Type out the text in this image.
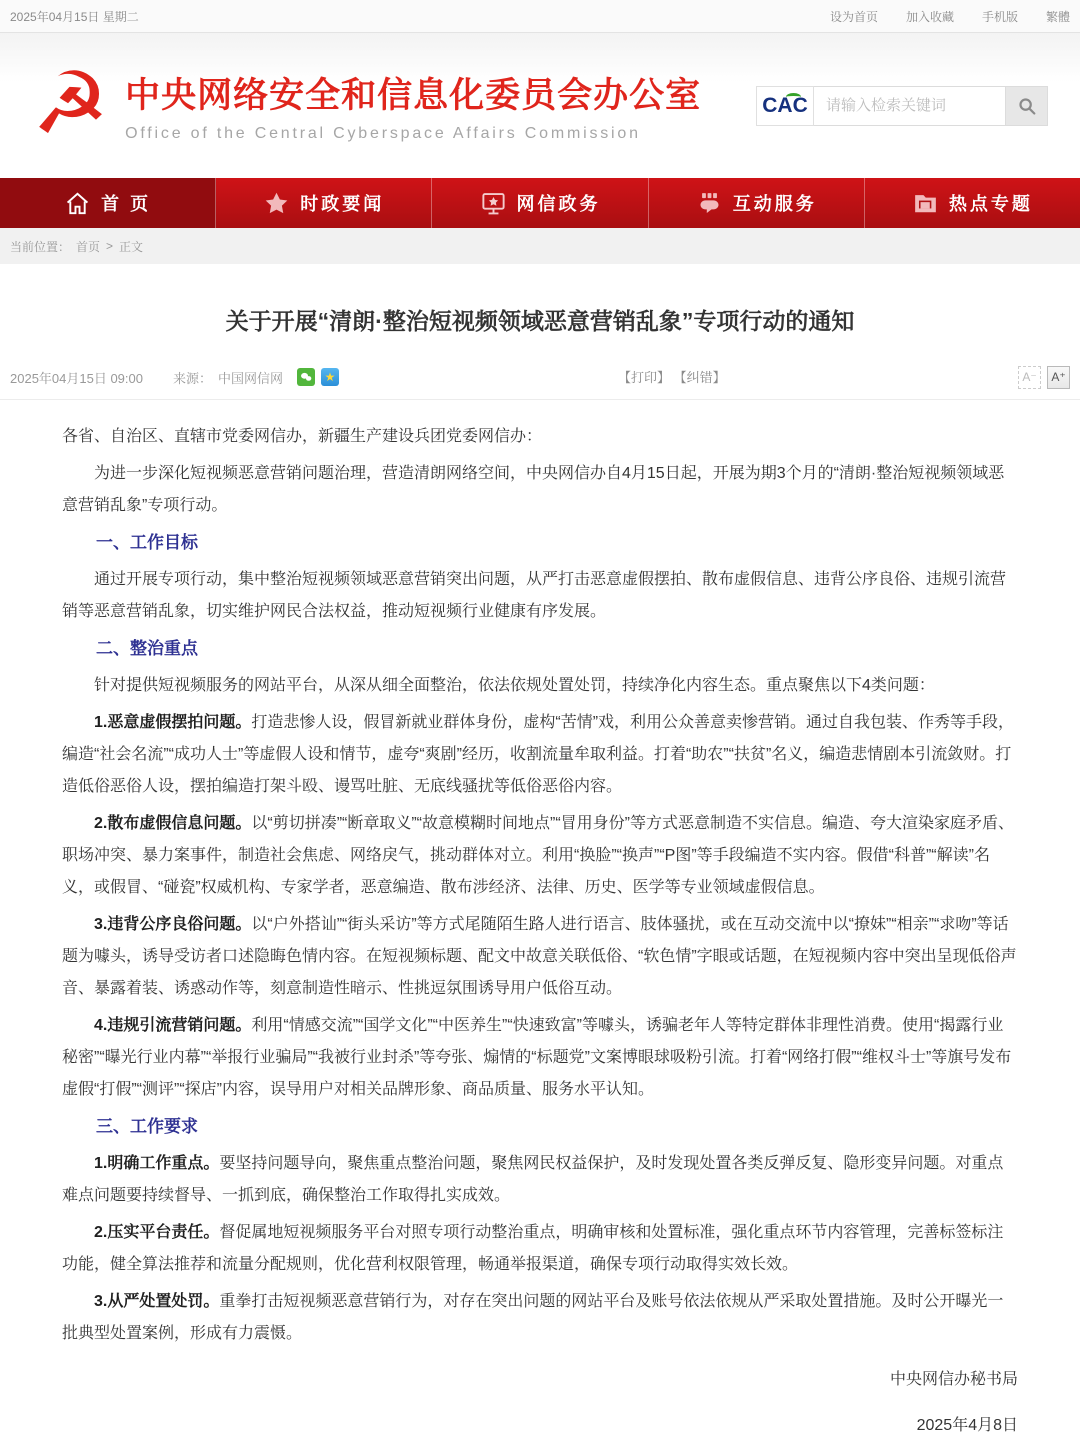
2025年04月15日 星期二	设为首页 加入收藏 手机版 繁體
☭ 中央网络安全和信息化委员会办公室
Office of the Central Cyberspace Affairs Commission
CAC
请输入检索关键词
首 页	时政要闻	网信政务	互动服务	热点专题
当前位置： 首页 > 正文
关于开展“清朗·整治短视频领域恶意营销乱象”专项行动的通知
2025年04月15日 09:00 来源： 中国网信网	★	【打印】 【纠错】	A⁻	A⁺

各省、自治区、直辖市党委网信办，新疆生产建设兵团党委网信办：

为进一步深化短视频恶意营销问题治理，营造清朗网络空间，中央网信办自4月15日起，开展为期3个月的“清朗·整治短视频领域恶意营销乱象”专项行动。

一、工作目标

通过开展专项行动，集中整治短视频领域恶意营销突出问题，从严打击恶意虚假摆拍、散布虚假信息、违背公序良俗、违规引流营销等恶意营销乱象，切实维护网民合法权益，推动短视频行业健康有序发展。

二、整治重点

针对提供短视频服务的网站平台，从深从细全面整治，依法依规处置处罚，持续净化内容生态。重点聚焦以下4类问题：

1.恶意虚假摆拍问题。打造悲惨人设，假冒新就业群体身份，虚构“苦情”戏，利用公众善意卖惨营销。通过自我包装、作秀等手段，编造“社会名流”“成功人士”等虚假人设和情节，虚夸“爽剧”经历，收割流量牟取利益。打着“助农”“扶贫”名义，编造悲情剧本引流敛财。打造低俗恶俗人设，摆拍编造打架斗殴、谩骂吐脏、无底线骚扰等低俗恶俗内容。

2.散布虚假信息问题。以“剪切拼凑”“断章取义”“故意模糊时间地点”“冒用身份”等方式恶意制造不实信息。编造、夸大渲染家庭矛盾、职场冲突、暴力案事件，制造社会焦虑、网络戾气，挑动群体对立。利用“换脸”“换声”“P图”等手段编造不实内容。假借“科普”“解读”名义，或假冒、“碰瓷”权威机构、专家学者，恶意编造、散布涉经济、法律、历史、医学等专业领域虚假信息。

3.违背公序良俗问题。以“户外搭讪”“街头采访”等方式尾随陌生路人进行语言、肢体骚扰，或在互动交流中以“撩妹”“相亲”“求吻”等话题为噱头，诱导受访者口述隐晦色情内容。在短视频标题、配文中故意关联低俗、“软色情”字眼或话题，在短视频内容中突出呈现低俗声音、暴露着装、诱惑动作等，刻意制造性暗示、性挑逗氛围诱导用户低俗互动。

4.违规引流营销问题。利用“情感交流”“国学文化”“中医养生”“快速致富”等噱头，诱骗老年人等特定群体非理性消费。使用“揭露行业秘密”“曝光行业内幕”“举报行业骗局”“我被行业封杀”等夸张、煽情的“标题党”文案博眼球吸粉引流。打着“网络打假”“维权斗士”等旗号发布虚假“打假”“测评”“探店”内容，误导用户对相关品牌形象、商品质量、服务水平认知。

三、工作要求

1.明确工作重点。要坚持问题导向，聚焦重点整治问题，聚焦网民权益保护，及时发现处置各类反弹反复、隐形变异问题。对重点难点问题要持续督导、一抓到底，确保整治工作取得扎实成效。

2.压实平台责任。督促属地短视频服务平台对照专项行动整治重点，明确审核和处置标准，强化重点环节内容管理，完善标签标注功能，健全算法推荐和流量分配规则，优化营利权限管理，畅通举报渠道，确保专项行动取得实效长效。

3.从严处置处罚。重拳打击短视频恶意营销行为，对存在突出问题的网站平台及账号依法依规从严采取处置措施。及时公开曝光一批典型处置案例，形成有力震慑。

中央网信办秘书局

2025年4月8日
